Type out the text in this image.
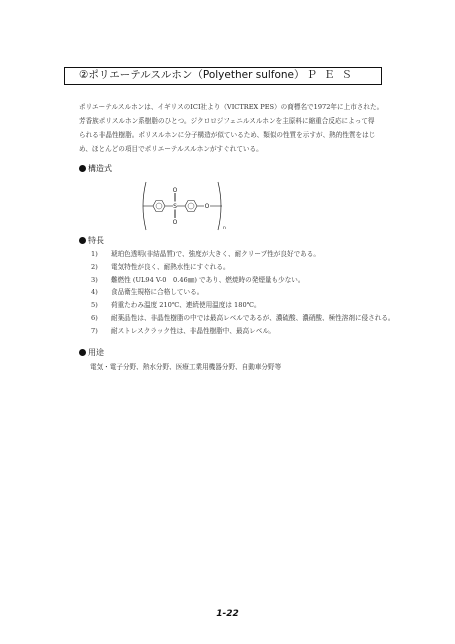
②ポリエーテルスルホン（Polyether sulfone） ＰＥＳ
ポリエーテルスルホンは、イギリスのICI社より（VICTREX PES）の商標名で1972年に上市された。
芳香族ポリスルホン系樹脂のひとつ。ジクロロジフェニルスルホンを主原料に縮重合反応によって得
られる非晶性樹脂。ポリスルホンに分子構造が似ているため、類似の性質を示すが、熱的性質をはじ
め、ほとんどの項目でポリエーテルスルホンがすぐれている。
構造式
O
S
O
O
n
特長
1) 琥珀色透明(非結晶質)で、強度が大きく、耐クリープ性が良好である。
2) 電気特性が良く、耐熱水性にすぐれる。
3) 難燃性 (UL94 V-0　0.46㎜) であり、燃焼時の発煙量も少ない。
4) 食品衛生規格に合格している。
5) 荷重たわみ温度 210℃、連続使用温度は 180℃。
6) 耐薬品性は、非晶性樹脂の中では最高レベルであるが、濃硫酸、濃硝酸、極性溶剤に侵される。
7) 耐ストレスクラック性は、非晶性樹脂中、最高レベル。
用途
電気・電子分野、熱水分野、医療工業用機器分野、自動車分野等
1-22
